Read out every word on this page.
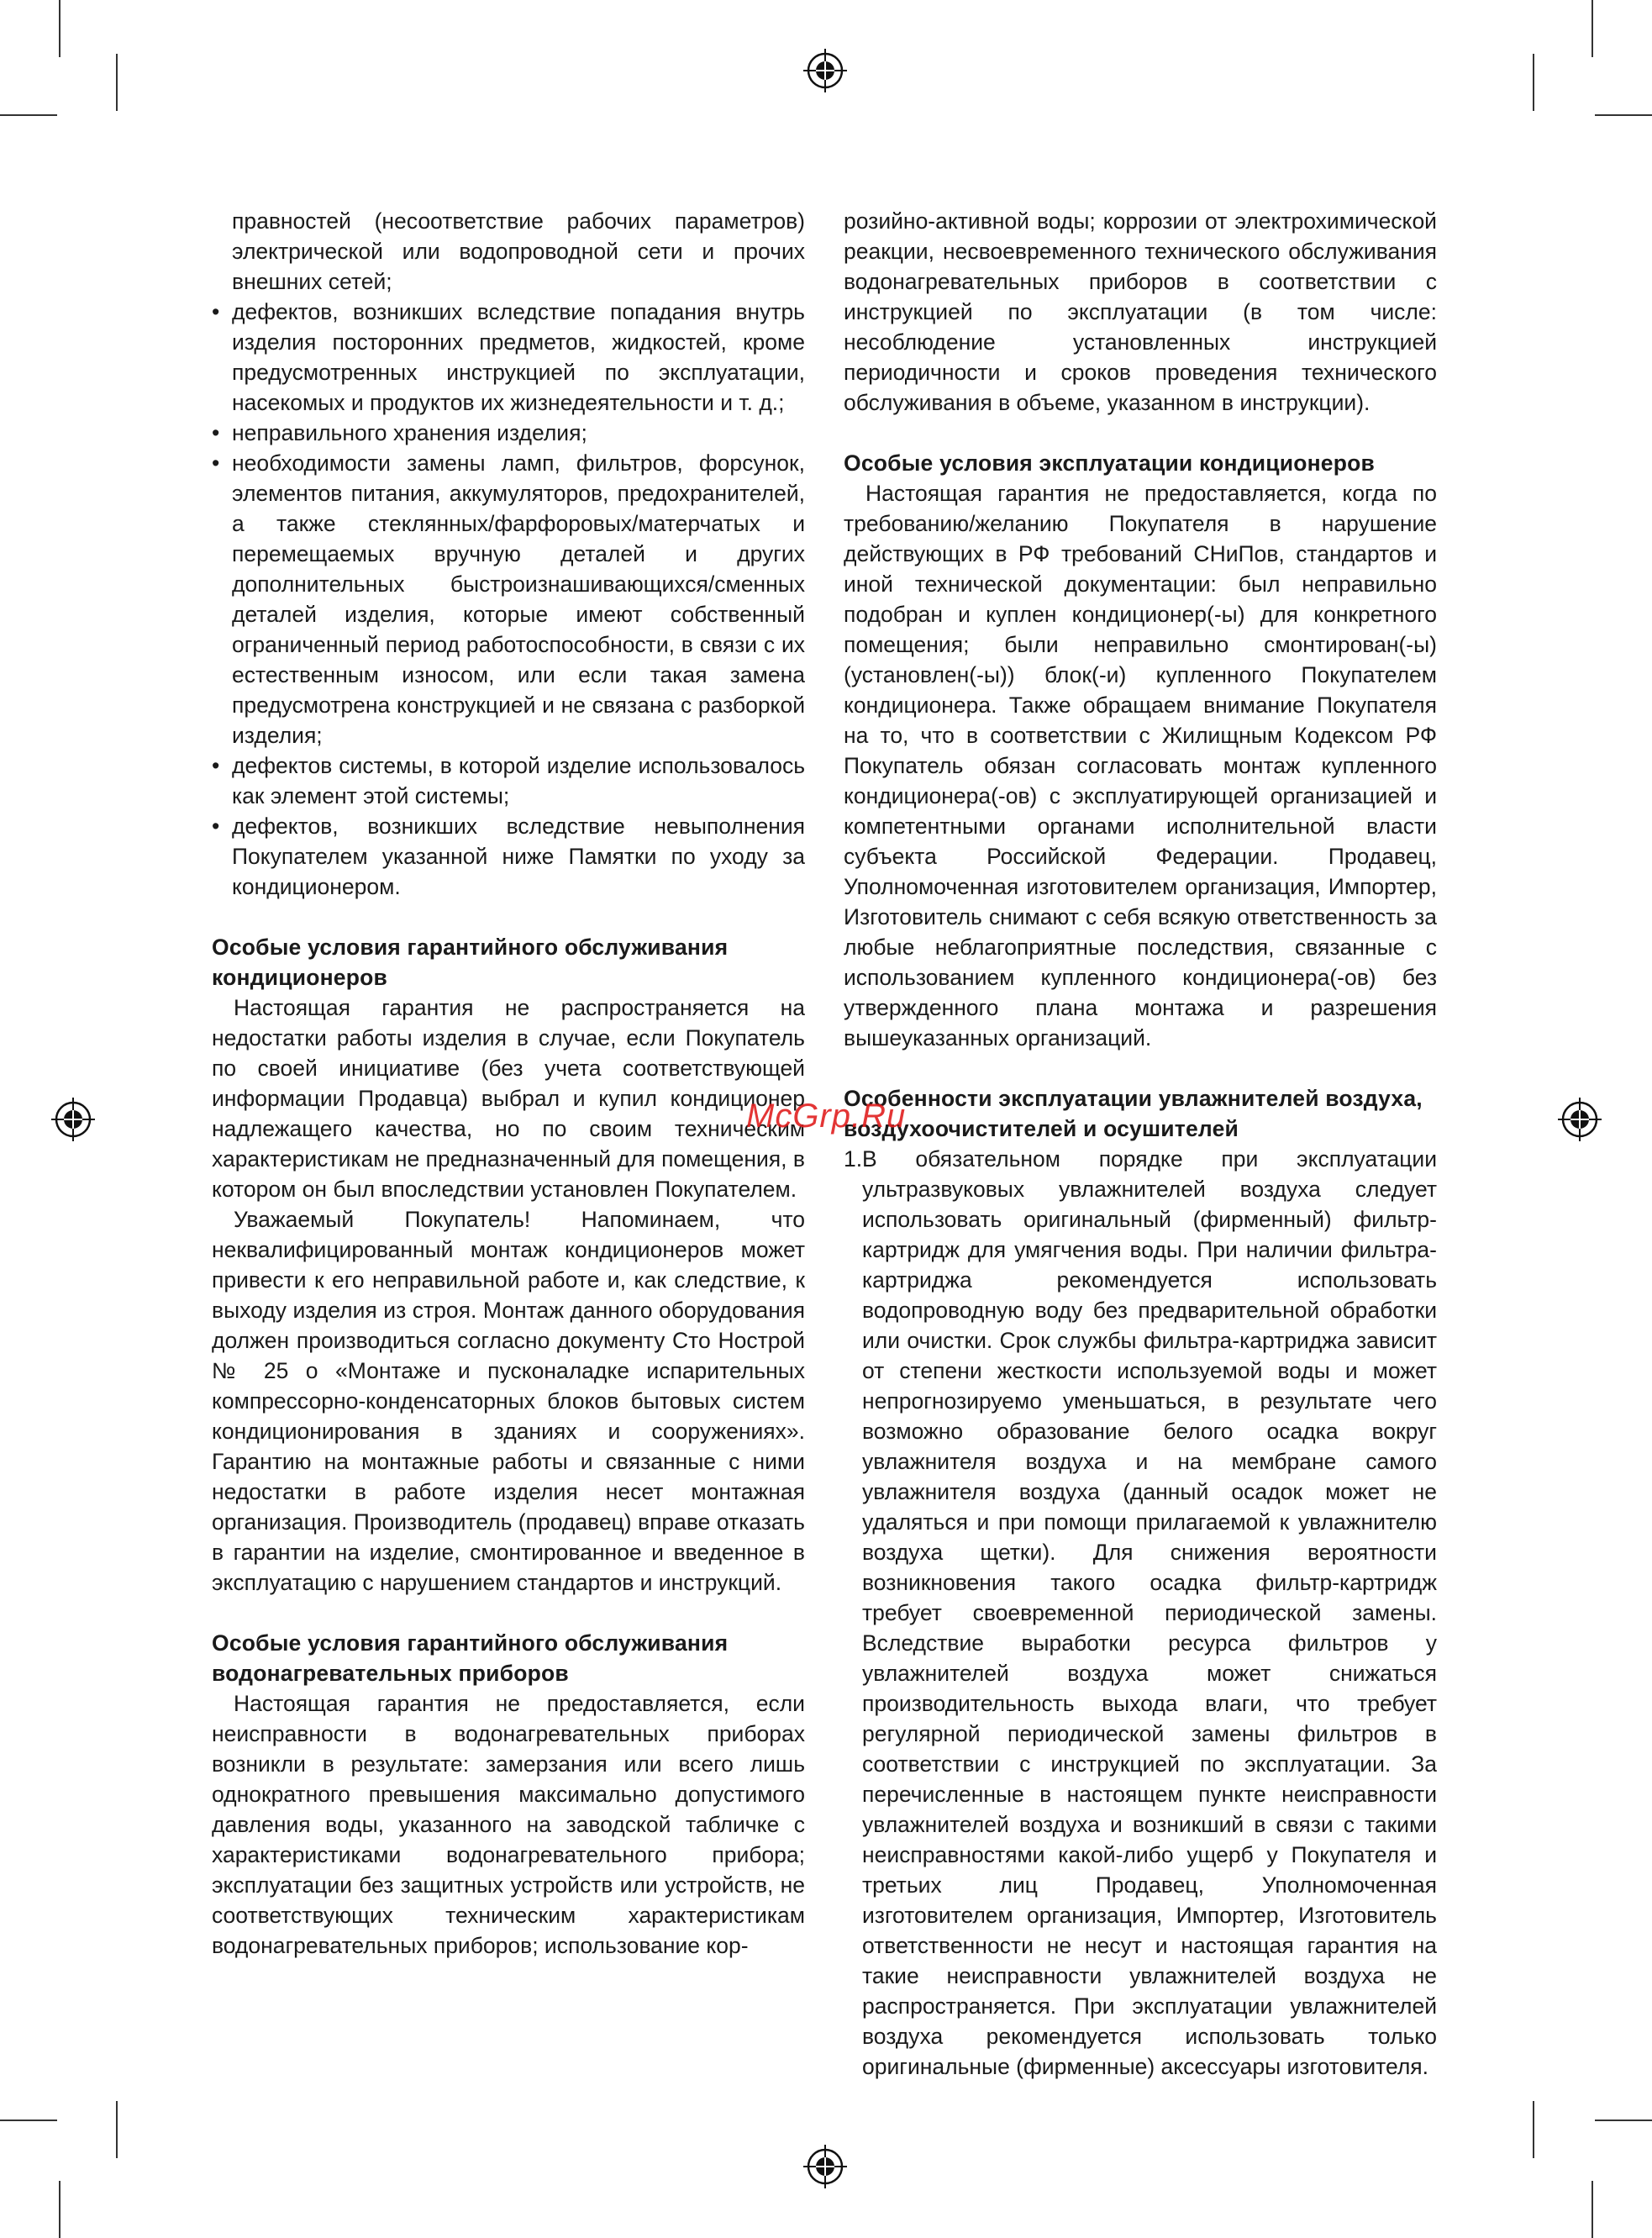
правностей (несоответствие рабочих параметров) электрической или водопроводной сети и прочих внешних сетей;

• дефектов, возникших вследствие попадания внутрь изделия посторонних предметов, жидкостей, кроме предусмотренных инструкцией по эксплуатации, насекомых и продуктов их жизнедеятельности и т. д.;
• неправильного хранения изделия;
• необходимости замены ламп, фильтров, форсунок, элементов питания, аккумуляторов, предохранителей, а также стеклянных/фарфоровых/матерчатых и перемещаемых вручную деталей и других дополнительных быстроизнашивающихся/сменных деталей изделия, которые имеют собственный ограниченный период работоспособности, в связи с их естественным износом, или если такая замена предусмотрена конструкцией и не связана с разборкой изделия;
• дефектов системы, в которой изделие использовалось как элемент этой системы;
• дефектов, возникших вследствие невыполнения Покупателем указанной ниже Памятки по уходу за кондиционером.
Особые условия гарантийного обслуживания кондиционеров

Настоящая гарантия не распространяется на недостатки работы изделия в случае, если Покупатель по своей инициативе (без учета соответствующей информации Продавца) выбрал и купил кондиционер надлежащего качества, но по своим техническим характеристикам не предназначенный для помещения, в котором он был впоследствии установлен Покупателем.

Уважаемый Покупатель! Напоминаем, что неквалифицированный монтаж кондиционеров может привести к его неправильной работе и, как следствие, к выходу изделия из строя. Монтаж данного оборудования должен производиться согласно документу Сто Нострой № 25 о «Монтаже и пусконаладке испарительных компрессорно-конденсаторных блоков бытовых систем кондиционирования в зданиях и сооружениях». Гарантию на монтажные работы и связанные с ними недостатки в работе изделия несет монтажная организация. Производитель (продавец) вправе отказать в гарантии на изделие, смонтированное и введенное в эксплуатацию с нарушением стандартов и инструкций.

Особые условия гарантийного обслуживания водонагревательных приборов

Настоящая гарантия не предоставляется, если неисправности в водонагревательных приборах возникли в результате: замерзания или всего лишь однократного превышения максимально допустимого давления воды, указанного на заводской табличке с характеристиками водонагревательного прибора; эксплуатации без защитных устройств или устройств, не соответствующих техническим характеристикам водонагревательных приборов; использование кор-

розийно-активной воды; коррозии от электрохимической реакции, несвоевременного технического обслуживания водонагревательных приборов в соответствии с инструкцией по эксплуатации (в том числе: несоблюдение установленных инструкцией периодичности и сроков проведения технического обслуживания в объеме, указанном в инструкции).

Особые условия эксплуатации кондиционеров

Настоящая гарантия не предоставляется, когда по требованию/желанию Покупателя в нарушение действующих в РФ требований СНиПов, стандартов и иной технической документации: был неправильно подобран и куплен кондиционер(-ы) для конкретного помещения; были неправильно смонтирован(-ы) (установлен(-ы)) блок(-и) купленного Покупателем кондиционера. Также обращаем внимание Покупателя на то, что в соответствии с Жилищным Кодексом РФ Покупатель обязан согласовать монтаж купленного кондиционера(-ов) с эксплуатирующей организацией и компетентными органами исполнительной власти субъекта Российской Федерации. Продавец, Уполномоченная изготовителем организация, Импортер, Изготовитель снимают с себя всякую ответственность за любые неблагоприятные последствия, связанные с использованием купленного кондиционера(-ов) без утвержденного плана монтажа и разрешения вышеуказанных организаций.

Особенности эксплуатации увлажнителей воздуха, воздухоочистителей и осушителей
1. В обязательном порядке при эксплуатации ультразвуковых увлажнителей воздуха следует использовать оригинальный (фирменный) фильтр-картридж для умягчения воды. При наличии фильтра-картриджа рекомендуется использовать водопроводную воду без предварительной обработки или очистки. Срок службы фильтра-картриджа зависит от степени жесткости используемой воды и может непрогнозируемо уменьшаться, в результате чего возможно образование белого осадка вокруг увлажнителя воздуха и на мембране самого увлажнителя воздуха (данный осадок может не удаляться и при помощи прилагаемой к увлажнителю воздуха щетки). Для снижения вероятности возникновения такого осадка фильтр-картридж требует своевременной периодической замены. Вследствие выработки ресурса фильтров у увлажнителей воздуха может снижаться производительность выхода влаги, что требует регулярной периодической замены фильтров в соответствии с инструкцией по эксплуатации. За перечисленные в настоящем пункте неисправности увлажнителей воздуха и возникший в связи с такими неисправностями какой-либо ущерб у Покупателя и третьих лиц Продавец, Уполномоченная изготовителем организация, Импортер, Изготовитель ответственности не несут и настоящая гарантия на такие неисправности увлажнителей воздуха не распространяется. При эксплуатации увлажнителей воздуха рекомендуется использовать только оригинальные (фирменные) аксессуары изготовителя.
McGrp.Ru
